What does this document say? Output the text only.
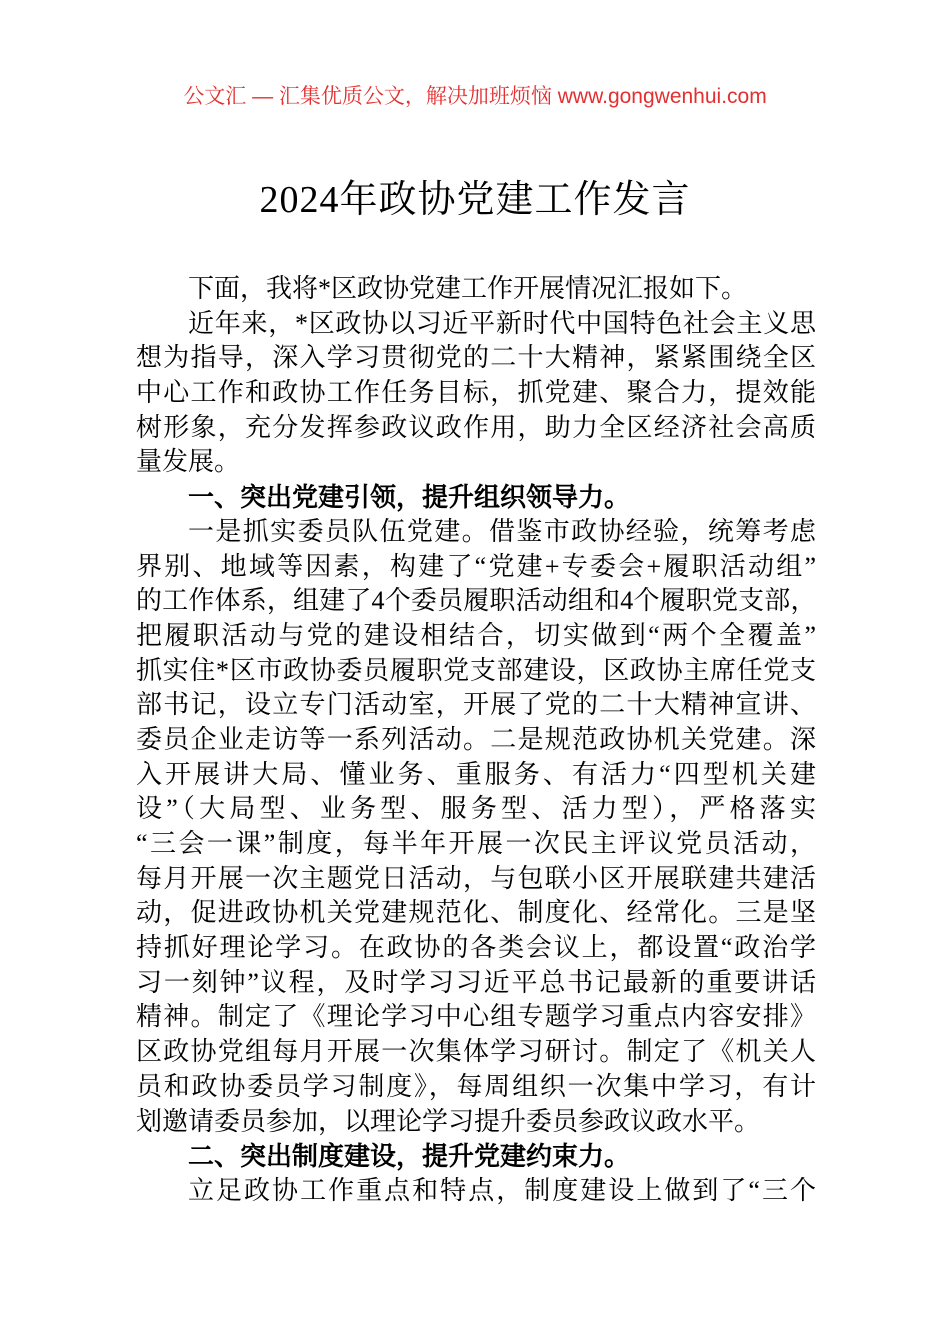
公文汇 — 汇集优质公文，解决加班烦恼 www.gongwenhui.com
2024年政协党建工作发言

下面，我将*区政协党建工作开展情况汇报如下。

近年来，*区政协以习近平新时代中国特色社会主义思

想为指导，深入学习贯彻党的二十大精神，紧紧围绕全区

中心工作和政协工作任务目标，抓党建、聚合力，提效能

树形象，充分发挥参政议政作用，助力全区经济社会高质

量发展。

一、突出党建引领，提升组织领导力。

一是抓实委员队伍党建。借鉴市政协经验，统筹考虑

界别、地域等因素，构建了“党建+专委会+履职活动组”

的工作体系，组建了4个委员履职活动组和4个履职党支部，

把履职活动与党的建设相结合，切实做到“两个全覆盖”

抓实住*区市政协委员履职党支部建设，区政协主席任党支

部书记，设立专门活动室，开展了党的二十大精神宣讲、

委员企业走访等一系列活动。二是规范政协机关党建。深

入开展讲大局、懂业务、重服务、有活力“四型机关建

设”（大局型、业务型、服务型、活力型），严格落实

“三会一课”制度，每半年开展一次民主评议党员活动，

每月开展一次主题党日活动，与包联小区开展联建共建活

动，促进政协机关党建规范化、制度化、经常化。三是坚

持抓好理论学习。在政协的各类会议上，都设置“政治学

习一刻钟”议程，及时学习习近平总书记最新的重要讲话

精神。制定了《理论学习中心组专题学习重点内容安排》

区政协党组每月开展一次集体学习研讨。制定了《机关人

员和政协委员学习制度》，每周组织一次集中学习，有计

划邀请委员参加，以理论学习提升委员参政议政水平。

二、突出制度建设，提升党建约束力。

立足政协工作重点和特点，制度建设上做到了“三个
